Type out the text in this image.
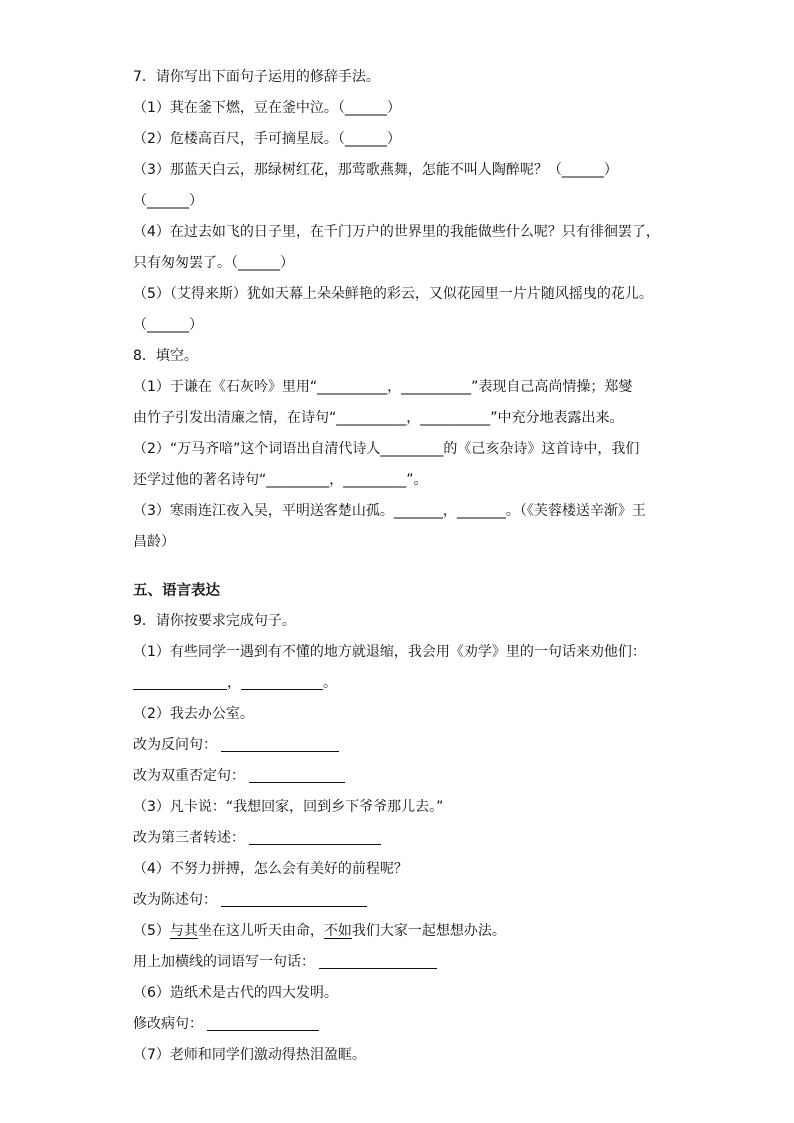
7．请你写出下面句子运用的修辞手法。
（1）萁在釜下燃，豆在釜中泣。（______）
（2）危楼高百尺，手可摘星辰。（______）
（3）那蓝天白云，那绿树红花，那莺歌燕舞，怎能不叫人陶醉呢？（______）
（______）
（4）在过去如飞的日子里，在千门万户的世界里的我能做些什么呢？只有徘徊罢了，
只有匆匆罢了。（______）
（5）（艾得来斯）犹如天幕上朵朵鲜艳的彩云，又似花园里一片片随风摇曳的花儿。
（______）
8．填空。
（1）于谦在《石灰吟》里用“__________，__________”表现自己高尚情操；郑燮
由竹子引发出清廉之情，在诗句“__________，__________”中充分地表露出来。
（2）“万马齐喑”这个词语出自清代诗人_________的《己亥杂诗》这首诗中，我们
还学过他的著名诗句“_________，_________”。
（3）寒雨连江夜入吴，平明送客楚山孤。_______，_______。（《芙蓉楼送辛渐》王
昌龄）
五、语言表达
9．请你按要求完成句子。
（1）有些同学一遇到有不懂的地方就退缩，我会用《劝学》里的一句话来劝他们：
，	。
（2）我去办公室。
改为反问句：
改为双重否定句：
（3）凡卡说：“我想回家，回到乡下爷爷那儿去。”
改为第三者转述：
（4）不努力拼搏，怎么会有美好的前程呢？
改为陈述句：
（5）与其坐在这儿听天由命，不如我们大家一起想想办法。
用上加横线的词语写一句话：
（6）造纸术是古代的四大发明。
修改病句：
（7）老师和同学们激动得热泪盈眶。
